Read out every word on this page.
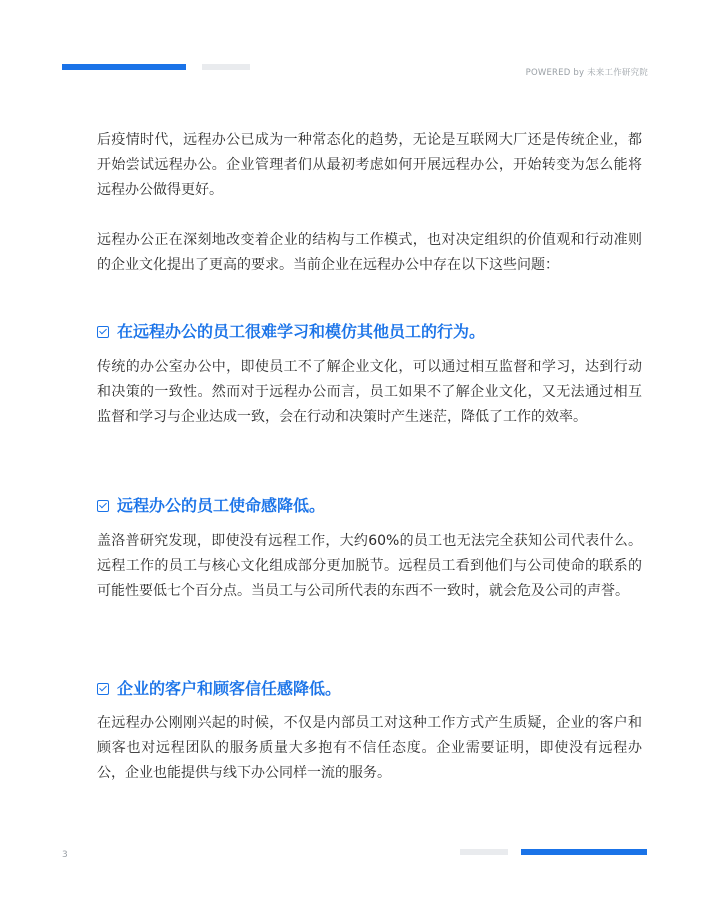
POWERED by 未来工作研究院

后疫情时代，远程办公已成为一种常态化的趋势，无论是互联网大厂还是传统企业，都开始尝试远程办公。企业管理者们从最初考虑如何开展远程办公，开始转变为怎么能将远程办公做得更好。

远程办公正在深刻地改变着企业的结构与工作模式，也对决定组织的价值观和行动准则的企业文化提出了更高的要求。当前企业在远程办公中存在以下这些问题：

在远程办公的员工很难学习和模仿其他员工的行为。

传统的办公室办公中，即使员工不了解企业文化，可以通过相互监督和学习，达到行动和决策的一致性。然而对于远程办公而言，员工如果不了解企业文化，又无法通过相互监督和学习与企业达成一致，会在行动和决策时产生迷茫，降低了工作的效率。

远程办公的员工使命感降低。

盖洛普研究发现，即使没有远程工作，大约60%的员工也无法完全获知公司代表什么。远程工作的员工与核心文化组成部分更加脱节。远程员工看到他们与公司使命的联系的可能性要低七个百分点。当员工与公司所代表的东西不一致时，就会危及公司的声誉。

企业的客户和顾客信任感降低。

在远程办公刚刚兴起的时候，不仅是内部员工对这种工作方式产生质疑，企业的客户和顾客也对远程团队的服务质量大多抱有不信任态度。企业需要证明，即使没有远程办公，企业也能提供与线下办公同样一流的服务。

3
